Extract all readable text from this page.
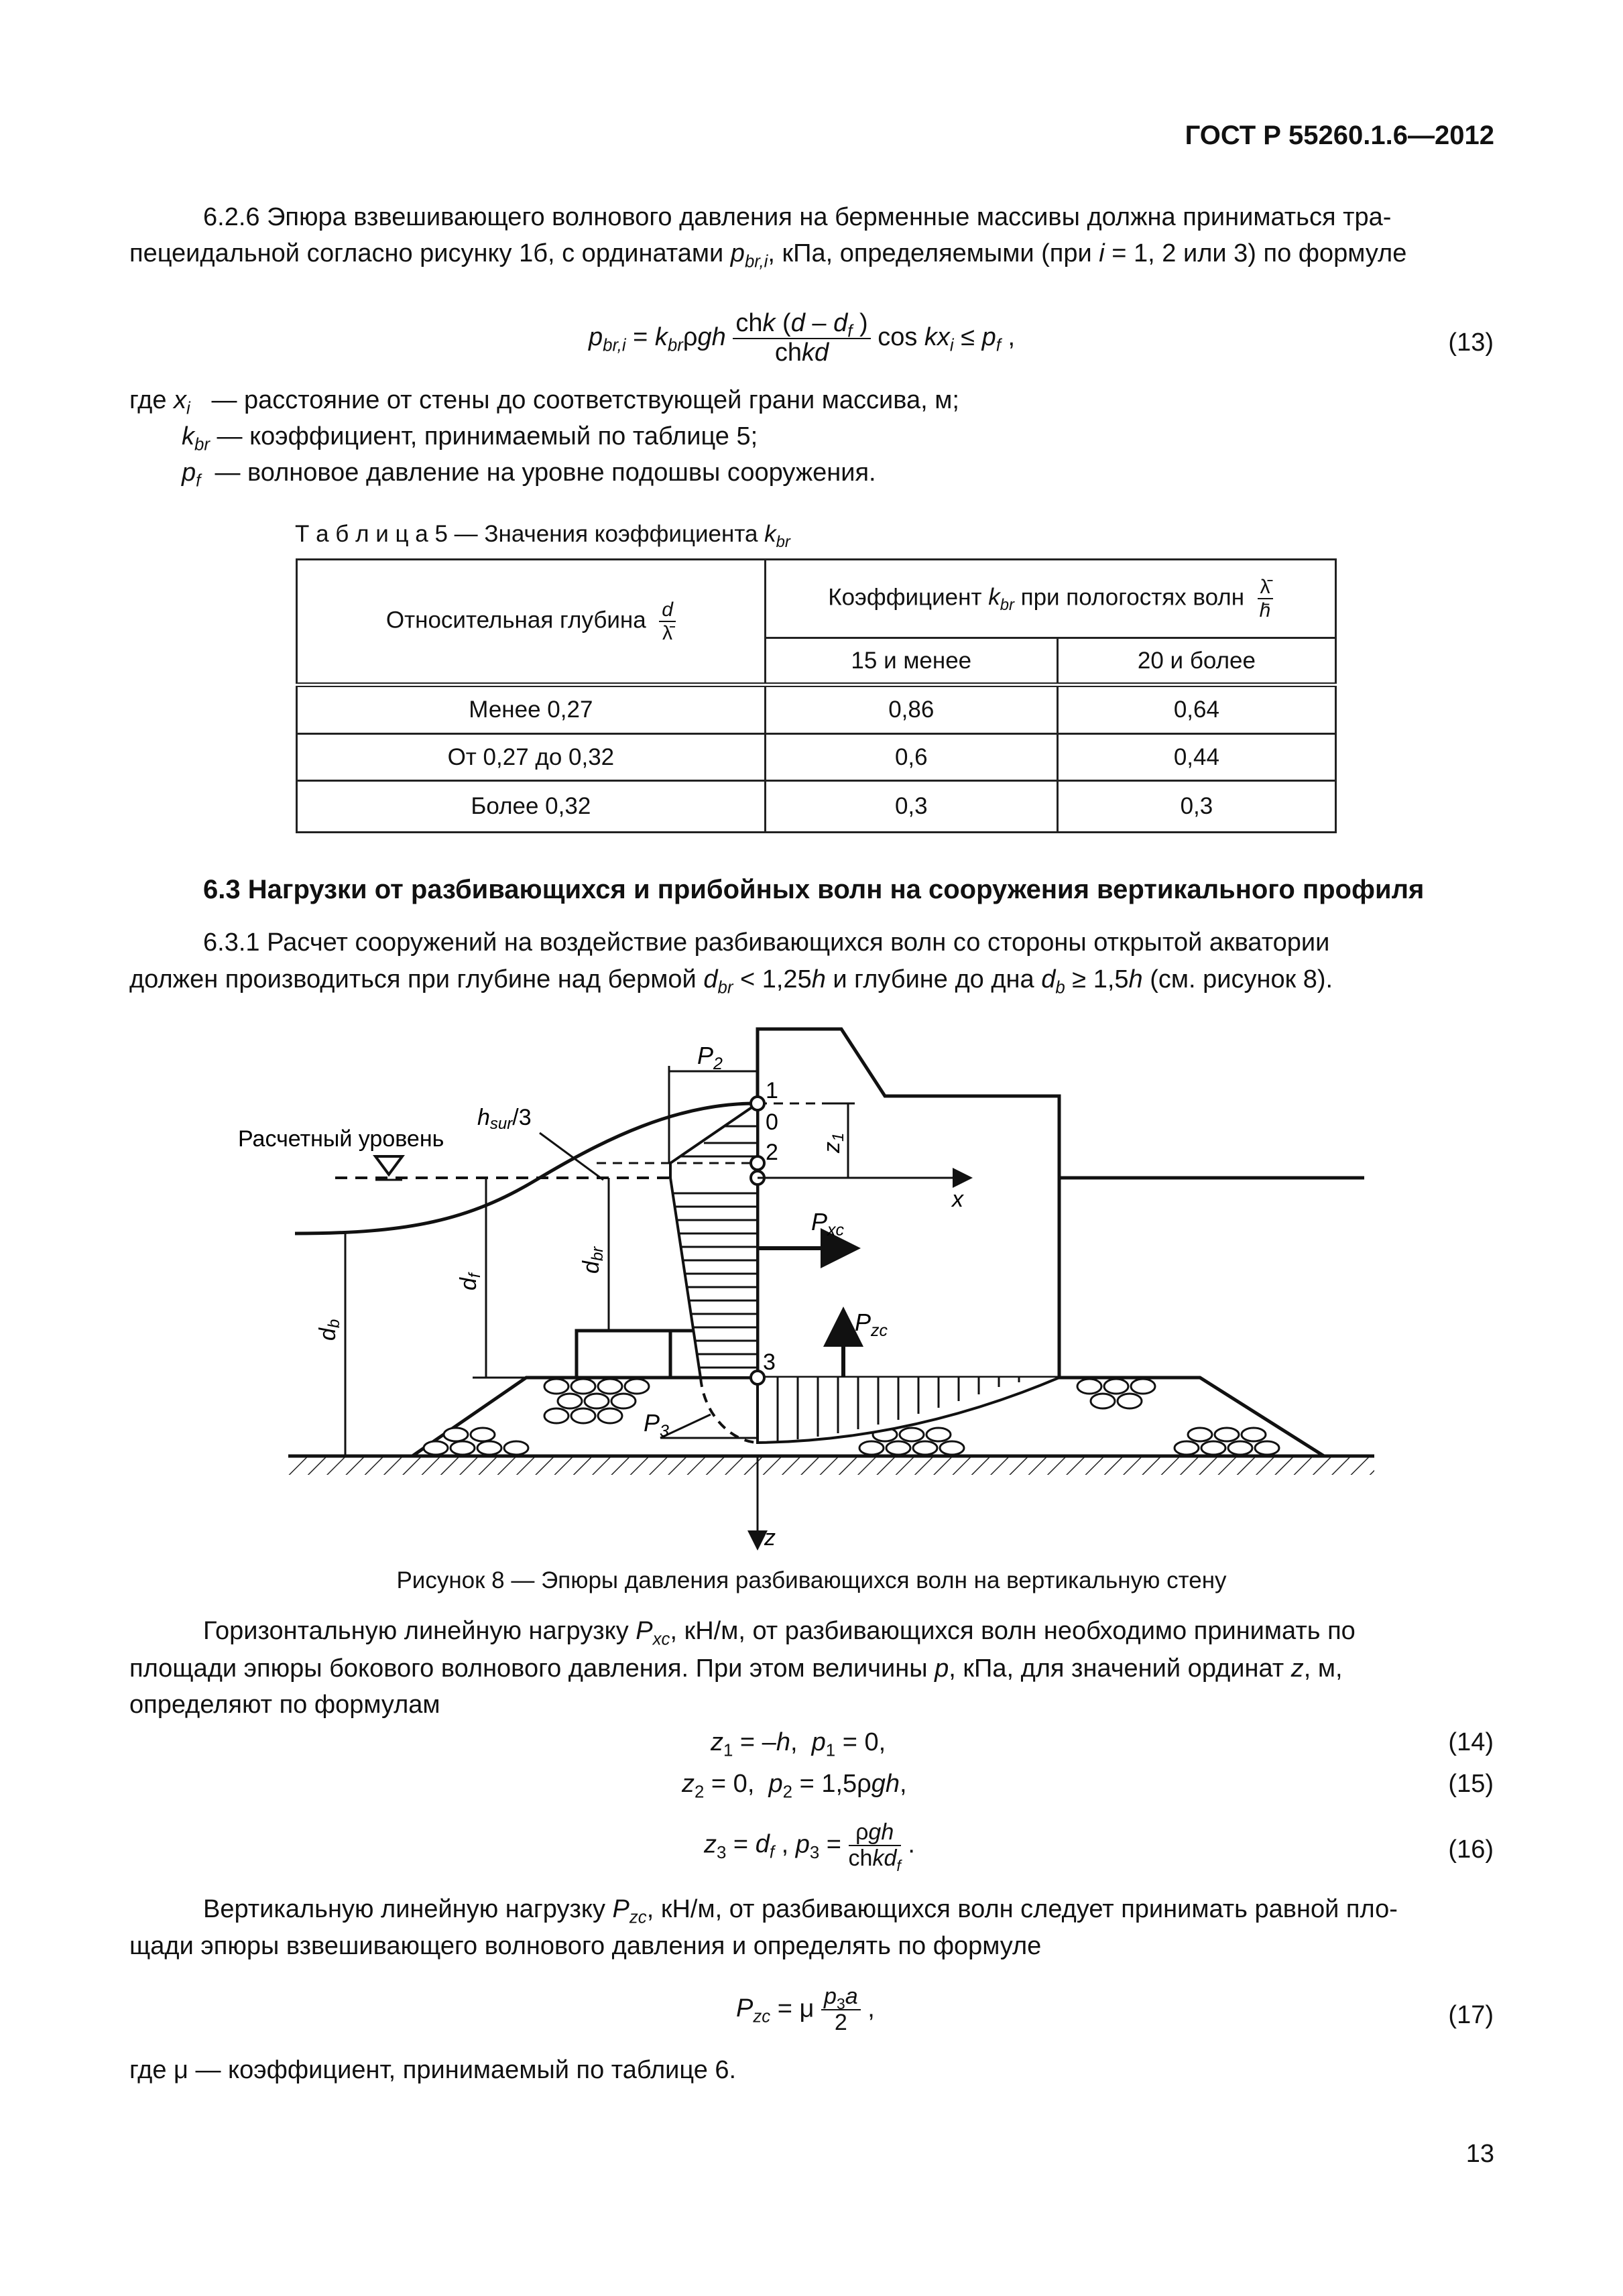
ГОСТ Р 55260.1.6—2012
6.2.6 Эпюра взвешивающего волнового давления на берменные массивы должна приниматься тра-

пецеидальной согласно рисунку 1б, с ординатами $p_{br,i}$, кПа, определяемыми (при i = 1, 2 или 3) по формуле
$p_{br,i} = k_{br}\rho gh \frac{chk (d - d_f )}{\text{chkd}}$ $\cos kx_i \le p_f$ ,	(13)
где $x_i$ — расстояние от стены до соответствующей грани массива, м;
$k_{br}$ — коэффициент, принимаемый по таблице 5;
$p_f$ — волновое давление на уровне подошвы сооружения.
Т а б л и ц а 5 — Значения коэффициента $k_{br}$
Относительная глубина $\frac{d}{\lambdā}$	Коэффициент $k_{br}$ при пологостях волн $\frac{\lambdā}{h̄}$

	15 и менее	20 и более
Менее 0,27	0,86	0,64
От 0,27 до 0,32	0,6	0,44
Более 0,32	0,3	0,3
6.3 Нагрузки от разбивающихся и прибойных волн на сооружения вертикального профиля
6.3.1 Расчет сооружений на воздействие разбивающихся волн со стороны открытой акватории
должен производиться при глубине над бермой $d_{br} < 1,25h$ и глубине до дна $d_b \ge 1,5h$ (см. рисунок 8).
1
0
2
3
x
z
$P_{xc}$
$P_{zc}$
$P_2$
z1
db
df
dbr
hsur/3
Расчетный уровень
$P_3$
Рисунок 8 — Эпюры давления разбивающихся волн на вертикальную стену
Горизонтальную линейную нагрузку $P_{xc}$, кН/м, от разбивающихся волн необходимо принимать по
площади эпюры бокового волнового давления. При этом величины p, кПа, для значений ординат z, м,
определяют по формулам
$z_1 = -h$,  $p_1 = 0$,	(14)
$z_2 = 0$,  $p_2 = 1,5\rho gh$,	(15)
$z_3 = d_f$ , $p_3 = \frac{\text{ρgh}}{chkd_f}$ .	(16)
Вертикальную линейную нагрузку $P_{zc}$, кН/м, от разбивающихся волн следует принимать равной пло-
щади эпюры взвешивающего волнового давления и определять по формуле
$P_{zc} = \mu \frac{p_3a}{2}$ ,	(17)
где μ — коэффициент, принимаемый по таблице 6.
13
